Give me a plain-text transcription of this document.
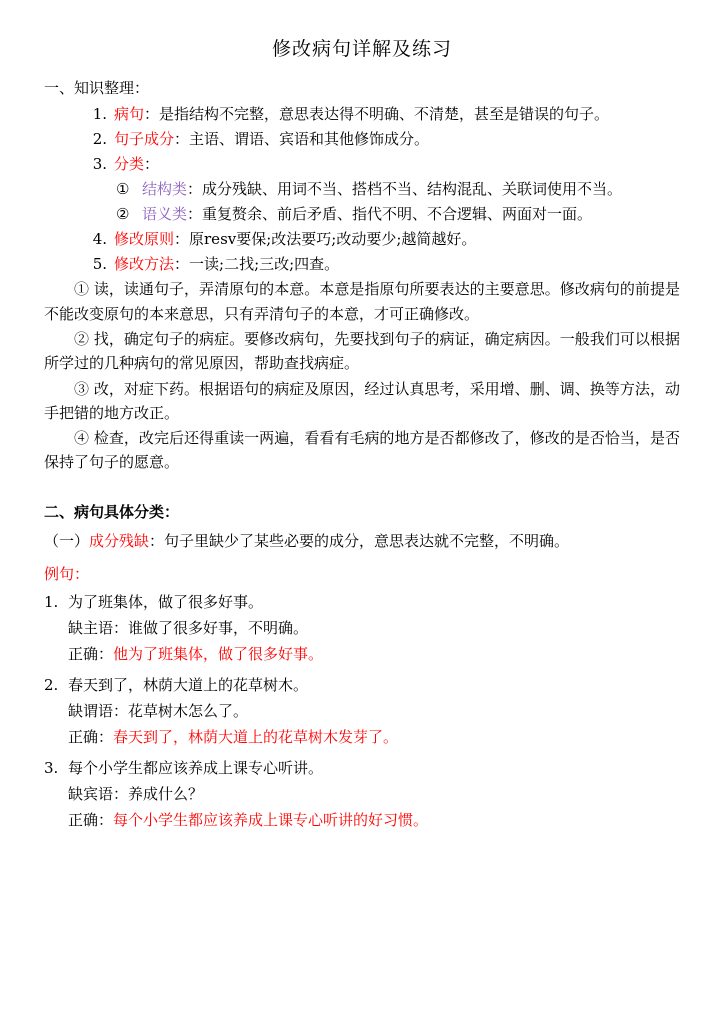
修改病句详解及练习
一、知识整理：
1. 病句：是指结构不完整，意思表达得不明确、不清楚，甚至是错误的句子。
2. 句子成分：主语、谓语、宾语和其他修饰成分。
3. 分类：
① 结构类：成分残缺、用词不当、搭档不当、结构混乱、关联词使用不当。
② 语义类：重复赘余、前后矛盾、指代不明、不合逻辑、两面对一面。
4. 修改原则：原resv要保;改法要巧;改动要少;越简越好。
5. 修改方法：一读;二找;三改;四查。

① 读，读通句子，弄清原句的本意。本意是指原句所要表达的主要意思。修改病句的前提是不能改变原句的本来意思，只有弄清句子的本意，才可正确修改。

② 找，确定句子的病症。要修改病句，先要找到句子的病证，确定病因。一般我们可以根据所学过的几种病句的常见原因，帮助查找病症。

③ 改，对症下药。根据语句的病症及原因，经过认真思考，采用增、删、调、换等方法，动手把错的地方改正。

④ 检查，改完后还得重读一两遍，看看有毛病的地方是否都修改了，修改的是否恰当，是否保持了句子的愿意。

二、病句具体分类：
（一）成分残缺：句子里缺少了某些必要的成分，意思表达就不完整，不明确。
例句：
1. 为了班集体，做了很多好事。
缺主语：谁做了很多好事，不明确。
正确：他为了班集体，做了很多好事。
2. 春天到了，林荫大道上的花草树木。
缺谓语：花草树木怎么了。
正确：春天到了，林荫大道上的花草树木发芽了。
3. 每个小学生都应该养成上课专心听讲。
缺宾语：养成什么？
正确：每个小学生都应该养成上课专心听讲的好习惯。
